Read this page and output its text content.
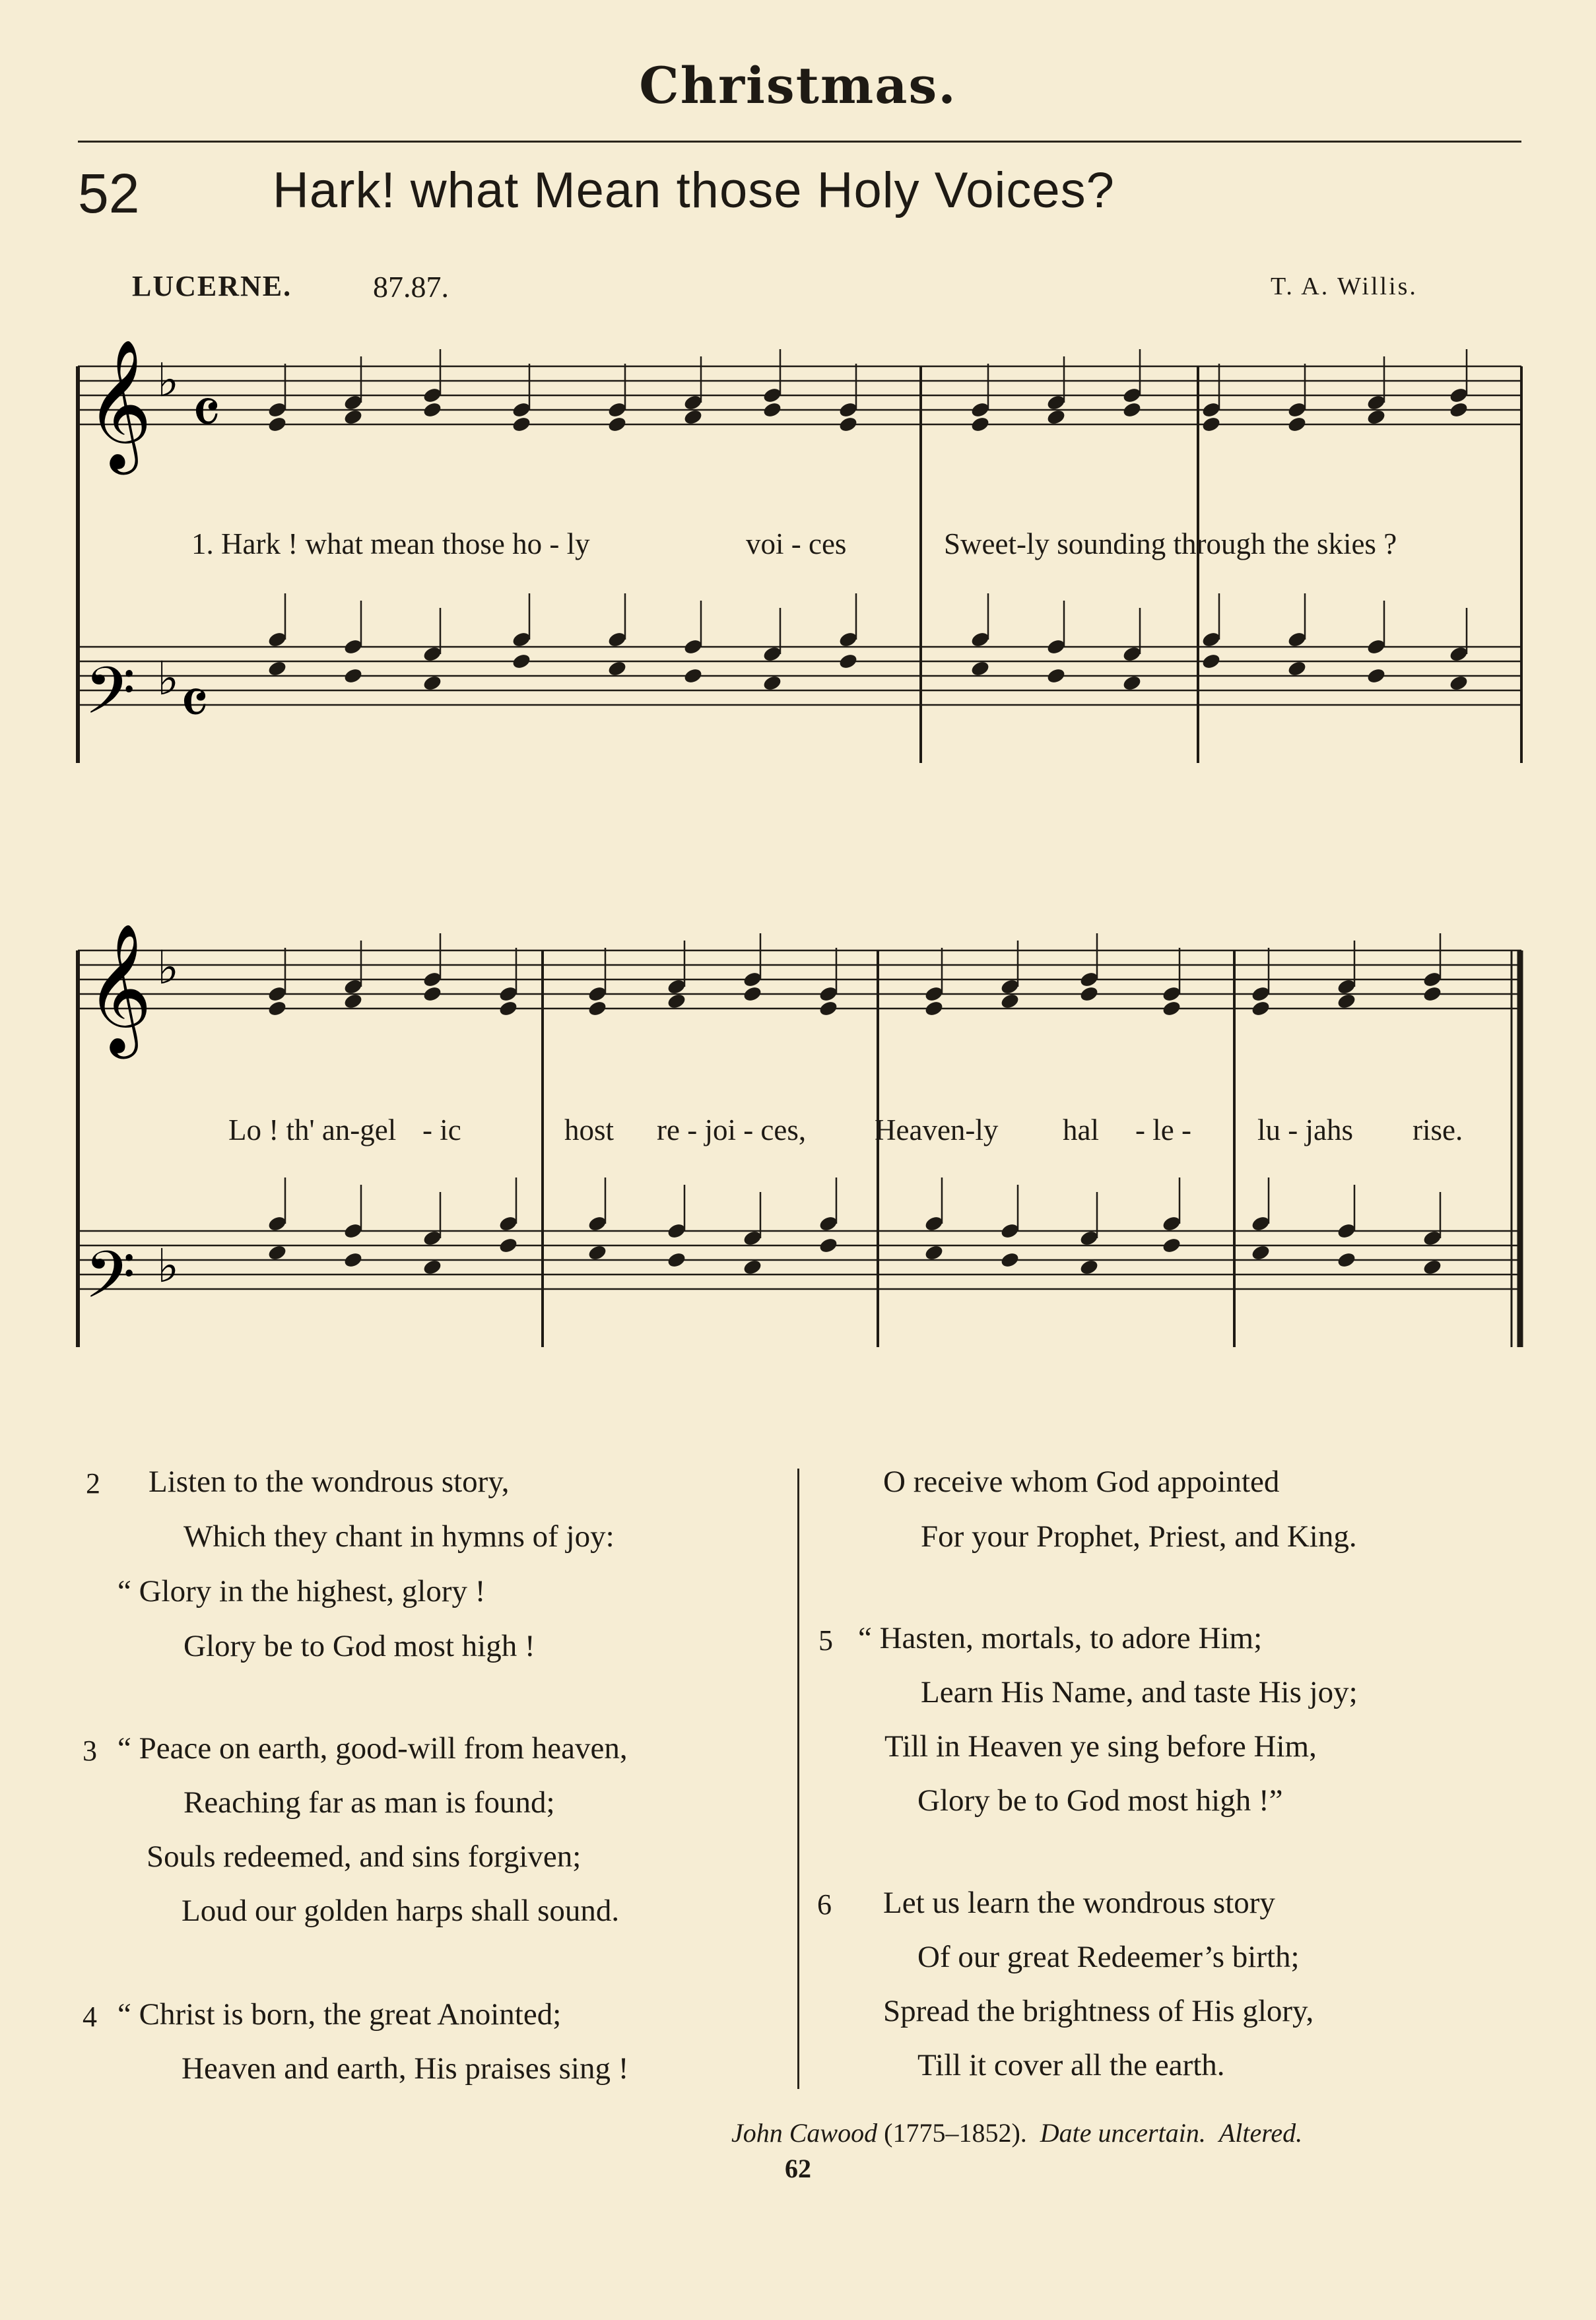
Christmas.
52	Hark! what Mean those Holy Voices?
LUCERNE.	87.87.	T. A. Willis.
𝄞
𝄢
𝄞
𝄢
♭
♭
♭
♭
𝄴
𝄴
1. Hark ! what mean those ho - ly	voi - ces	Sweet-ly sounding through the skies ?
Lo ! th' an-gel - ic	host re - joi - ces, Heaven-ly hal - le - lu - jahs rise.
2 Listen to the wondrous story,
Which they chant in hymns of joy:
“ Glory in the highest, glory !
Glory be to God most high !
3 “ Peace on earth, good-will from heaven,
Reaching far as man is found;
Souls redeemed, and sins forgiven;
Loud our golden harps shall sound.
4 “ Christ is born, the great Anointed;
Heaven and earth, His praises sing !
O receive whom God appointed
For your Prophet, Priest, and King.
5 “ Hasten, mortals, to adore Him;
Learn His Name, and taste His joy;
Till in Heaven ye sing before Him,
Glory be to God most high !”
6 Let us learn the wondrous story
Of our great Redeemer’s birth;
Spread the brightness of His glory,
Till it cover all the earth.
John Cawood (1775–1852). Date uncertain. Altered.
62
